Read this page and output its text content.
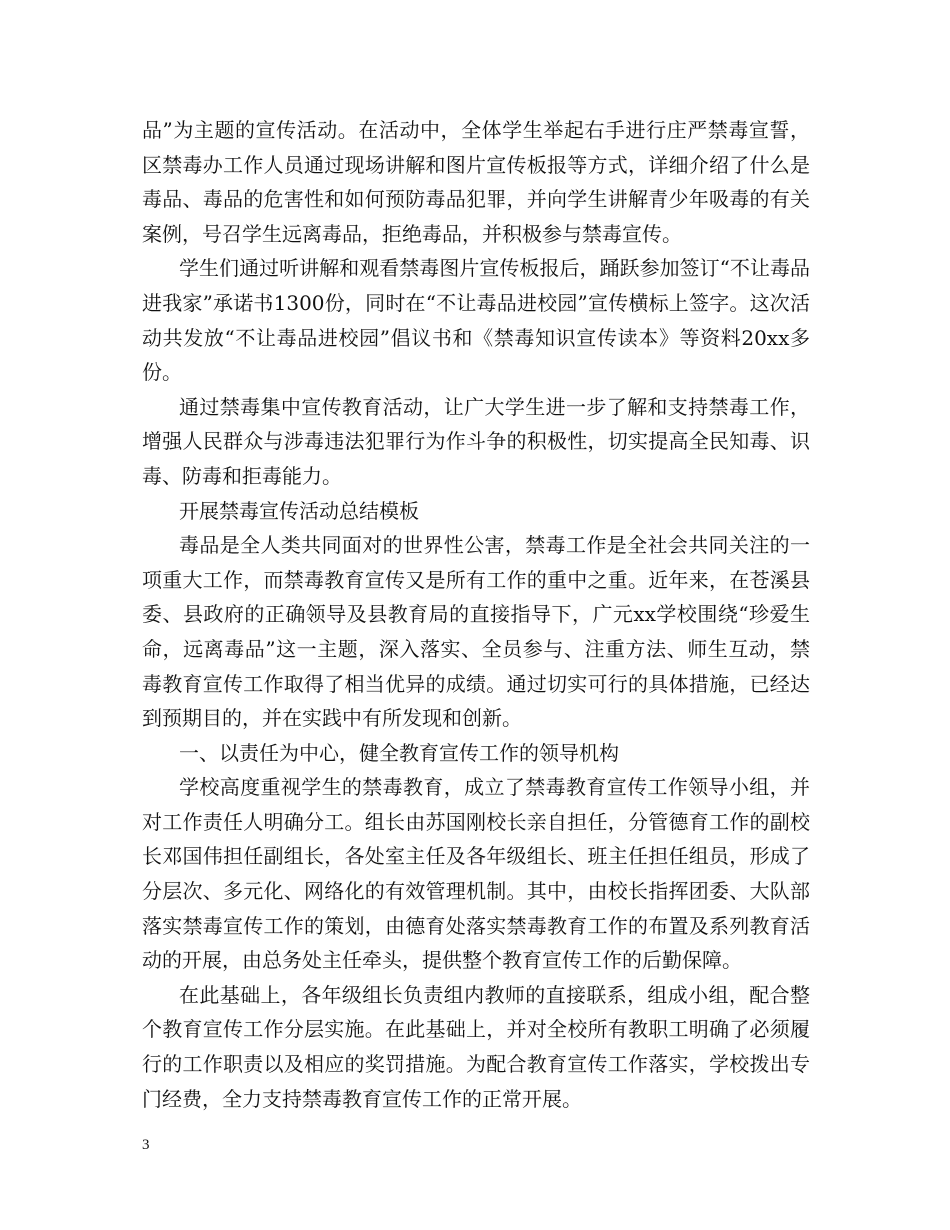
品”为主题的宣传活动。在活动中，全体学生举起右手进行庄严禁毒宣誓，区禁毒办工作人员通过现场讲解和图片宣传板报等方式，详细介绍了什么是毒品、毒品的危害性和如何预防毒品犯罪，并向学生讲解青少年吸毒的有关案例，号召学生远离毒品，拒绝毒品，并积极参与禁毒宣传。

学生们通过听讲解和观看禁毒图片宣传板报后，踊跃参加签订“不让毒品进我家”承诺书1300份，同时在“不让毒品进校园”宣传横标上签字。这次活动共发放“不让毒品进校园”倡议书和《禁毒知识宣传读本》等资料20xx多份。

通过禁毒集中宣传教育活动，让广大学生进一步了解和支持禁毒工作，增强人民群众与涉毒违法犯罪行为作斗争的积极性，切实提高全民知毒、识毒、防毒和拒毒能力。

开展禁毒宣传活动总结模板

毒品是全人类共同面对的世界性公害，禁毒工作是全社会共同关注的一项重大工作，而禁毒教育宣传又是所有工作的重中之重。近年来，在苍溪县委、县政府的正确领导及县教育局的直接指导下，广元xx学校围绕“珍爱生命，远离毒品”这一主题，深入落实、全员参与、注重方法、师生互动，禁毒教育宣传工作取得了相当优异的成绩。通过切实可行的具体措施，已经达到预期目的，并在实践中有所发现和创新。

一、以责任为中心，健全教育宣传工作的领导机构

学校高度重视学生的禁毒教育，成立了禁毒教育宣传工作领导小组，并对工作责任人明确分工。组长由苏国刚校长亲自担任，分管德育工作的副校长邓国伟担任副组长，各处室主任及各年级组长、班主任担任组员，形成了分层次、多元化、网络化的有效管理机制。其中，由校长指挥团委、大队部落实禁毒宣传工作的策划，由德育处落实禁毒教育工作的布置及系列教育活动的开展，由总务处主任牵头，提供整个教育宣传工作的后勤保障。

在此基础上，各年级组长负责组内教师的直接联系，组成小组，配合整个教育宣传工作分层实施。在此基础上，并对全校所有教职工明确了必须履行的工作职责以及相应的奖罚措施。为配合教育宣传工作落实，学校拨出专门经费，全力支持禁毒教育宣传工作的正常开展。

3
